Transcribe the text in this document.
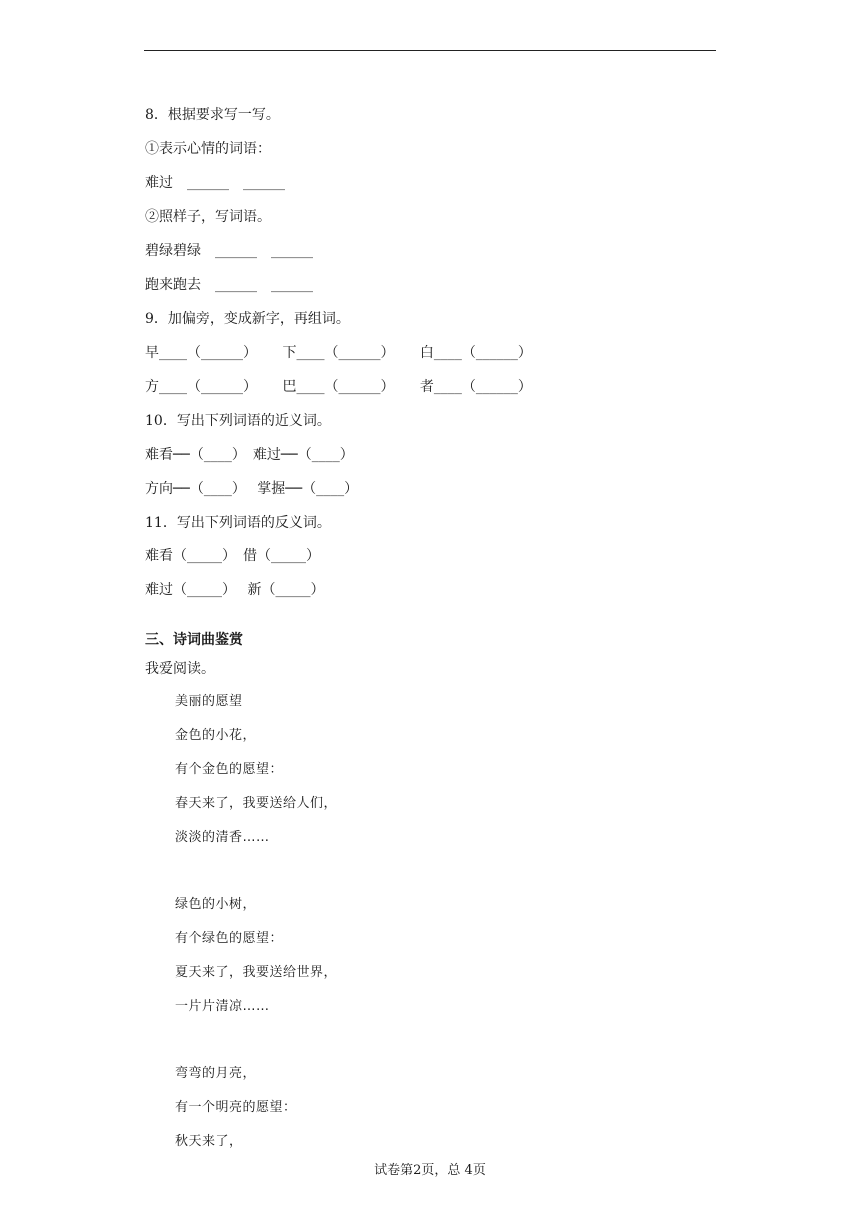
8．根据要求写一写。
①表示心情的词语：
难过　______　______
②照样子，写词语。
碧绿碧绿　______　______
跑来跑去　______　______
9．加偏旁，变成新字，再组词。
早____（______）　　 下____（______）　　 白____（______）
方____（______）　　 巴____（______）　　 者____（______）
10．写出下列词语的近义词。
难看──（____）　难过──（____）
方向──（____）　 掌握──（____）
11．写出下列词语的反义词。
难看（_____）　借（_____）
难过（_____）　 新（_____）
三、诗词曲鉴赏
我爱阅读。
美丽的愿望
金色的小花，
有个金色的愿望：
春天来了，我要送给人们，
淡淡的清香……
绿色的小树，
有个绿色的愿望：
夏天来了，我要送给世界，
一片片清凉……
弯弯的月亮，
有一个明亮的愿望：
秋天来了，
试卷第2页，总 4页
